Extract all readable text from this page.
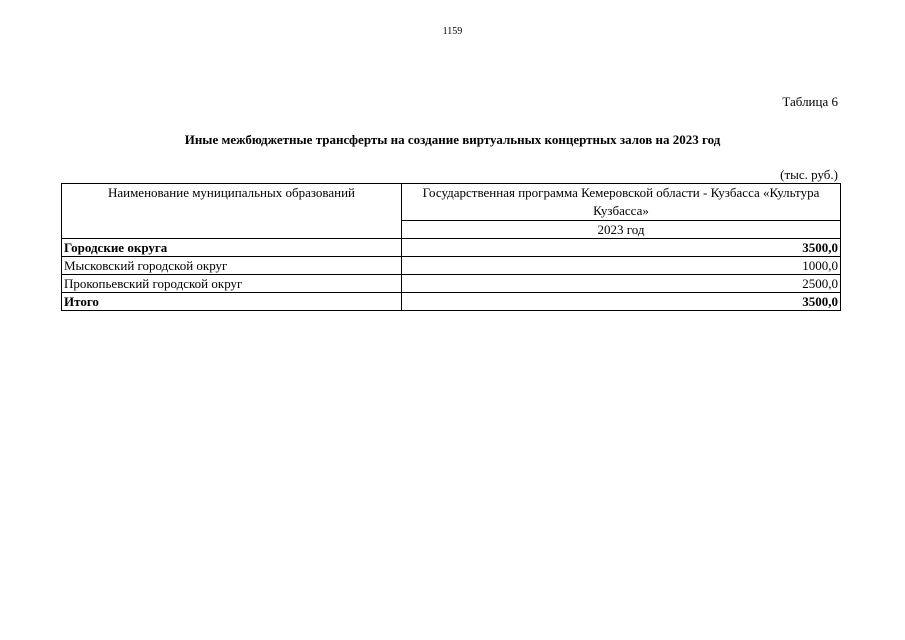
1159
Таблица 6
Иные межбюджетные трансферты на создание виртуальных концертных залов на 2023 год
(тыс. руб.)
Наименование муниципальных образований	Государственная программа Кемеровской области - Кузбасса «Культура Кузбасса»
	2023 год
Городские округа	3500,0
Мысковский городской округ	1000,0
Прокопьевский городской округ	2500,0
Итого	3500,0
